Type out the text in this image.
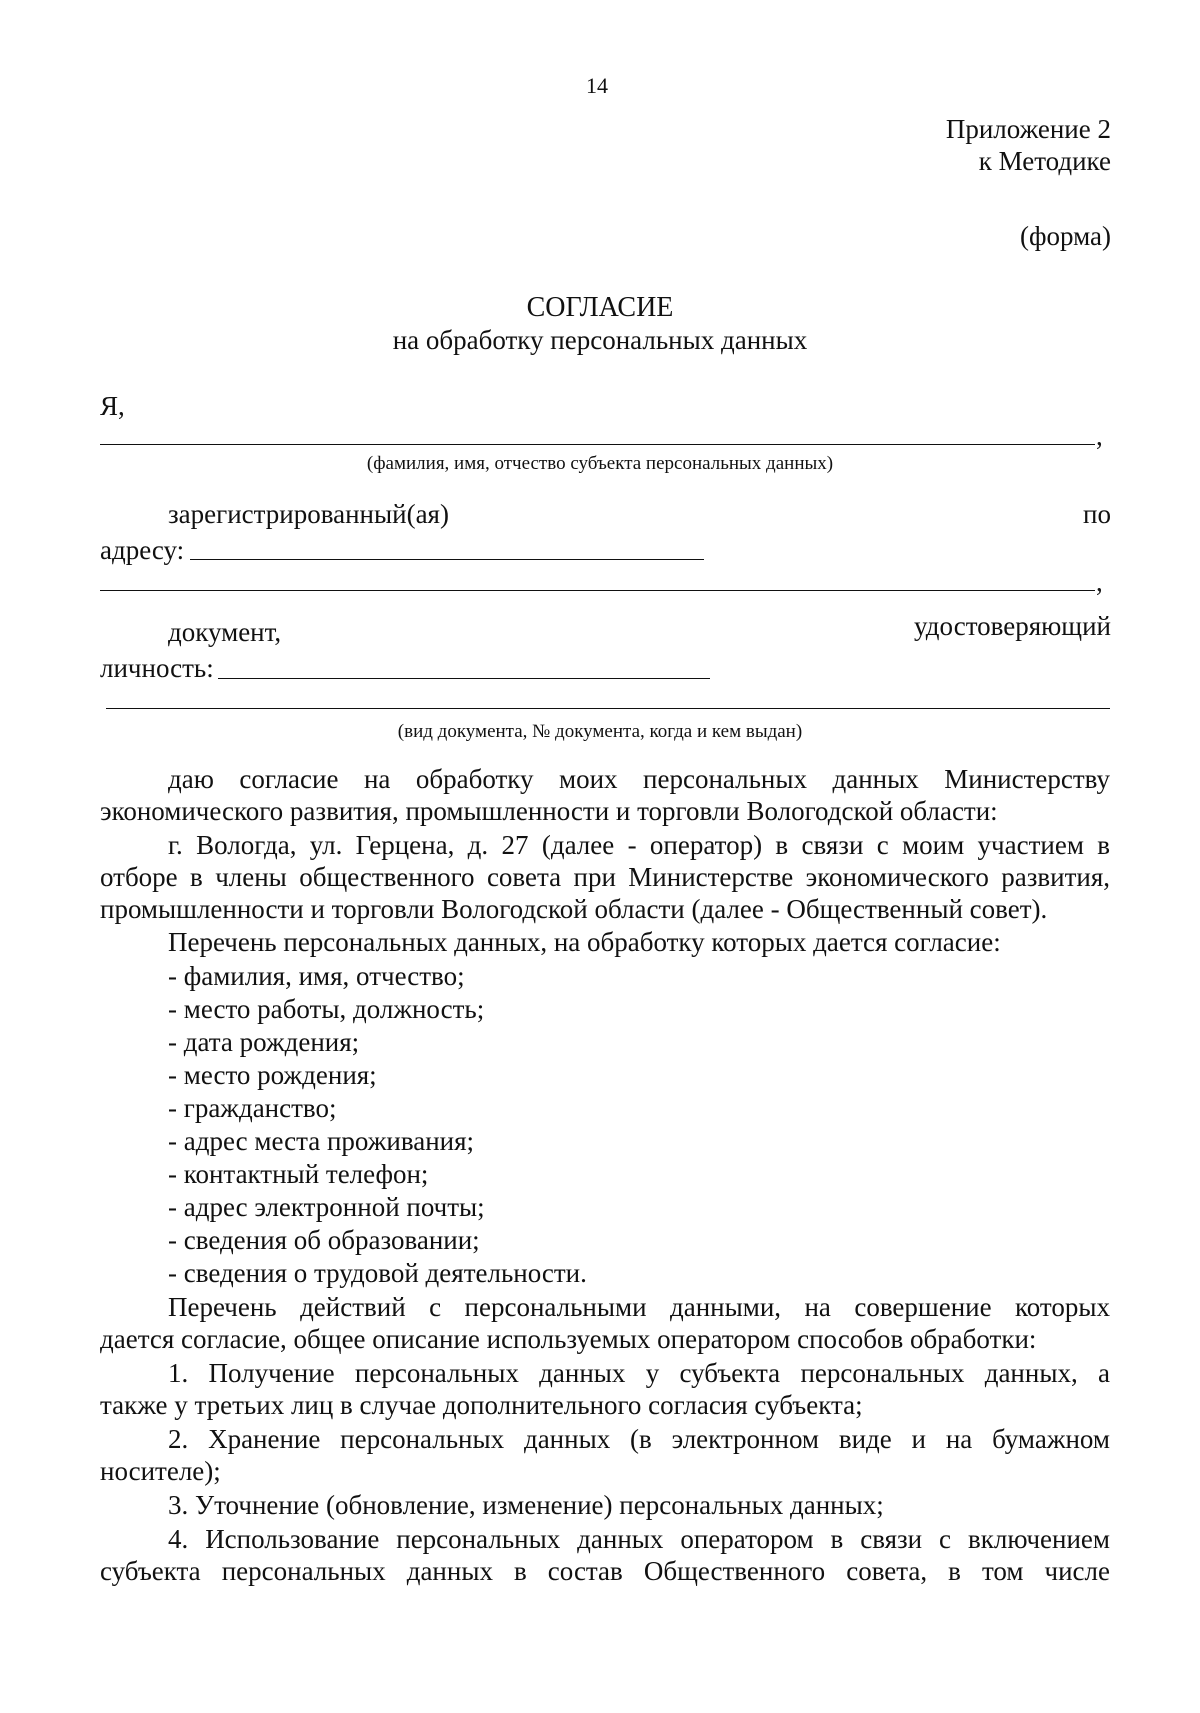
14
Приложение 2
к Методике
(форма)
СОГЛАСИЕ
на обработку персональных данных
Я,
,
(фамилия, имя, отчество субъекта персональных данных)
зарегистрированный(ая)	по
адресу:
,
документ,	удостоверяющий
личность:
(вид документа, № документа, когда и кем выдан)
даю согласие на обработку моих персональных данных Министерству
экономического развития, промышленности и торговли Вологодской области:
г. Вологда, ул. Герцена, д. 27 (далее - оператор) в связи с моим участием в
отборе в члены общественного совета при Министерстве экономического развития,
промышленности и торговли Вологодской области (далее - Общественный совет).
Перечень персональных данных, на обработку которых дается согласие:
- фамилия, имя, отчество;
- место работы, должность;
- дата рождения;
- место рождения;
- гражданство;
- адрес места проживания;
- контактный телефон;
- адрес электронной почты;
- сведения об образовании;
- сведения о трудовой деятельности.
Перечень действий с персональными данными, на совершение которых
дается согласие, общее описание используемых оператором способов обработки:
1. Получение персональных данных у субъекта персональных данных, а
также у третьих лиц в случае дополнительного согласия субъекта;
2. Хранение персональных данных (в электронном виде и на бумажном
носителе);
3. Уточнение (обновление, изменение) персональных данных;
4. Использование персональных данных оператором в связи с включением
субъекта персональных данных в состав Общественного совета, в том числе
